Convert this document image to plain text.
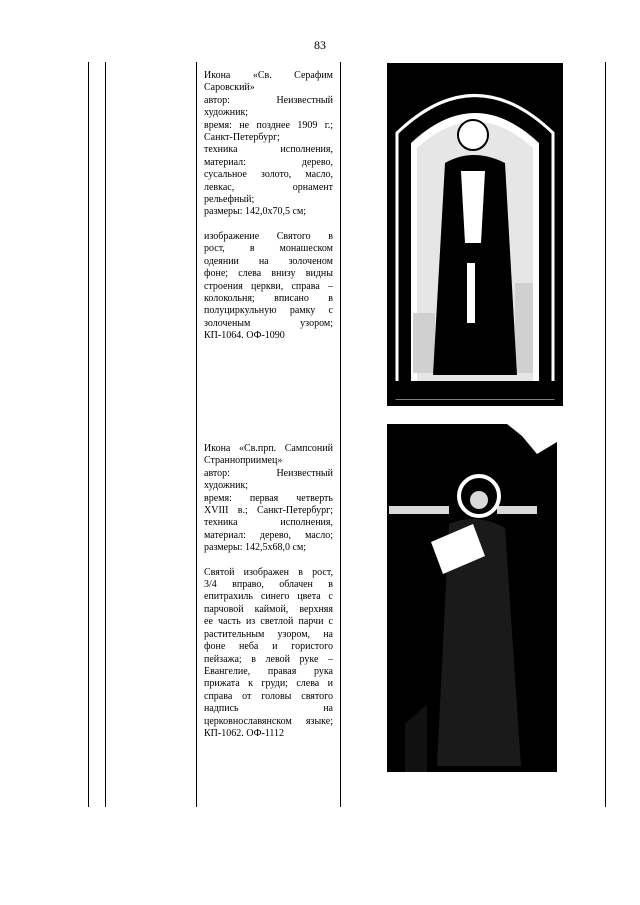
83
Икона «Св. Серафим
Саровский»
автор: Неизвестный
художник;
время: не позднее 1909 г.;
Санкт-Петербург;
техника исполнения,
материал: дерево,
сусальное золото, масло,
левкас, орнамент
рельефный;
размеры: 142,0x70,5 см;
изображение Святого в
рост, в монашеском
одеянии на золоченом
фоне; слева внизу видны
строения церкви, справа –
колокольня; вписано в
полуциркульную рамку с
золоченым узором;
КП-1064. ОФ-1090
Икона «Св.прп. Сампсоний
Странноприимец»
автор: Неизвестный
художник;
время: первая четверть
XVIII в.; Санкт-Петербург;
техника исполнения,
материал: дерево, масло;
размеры: 142,5x68,0 см;
Святой изображен в рост,
3/4 вправо, облачен в
епитрахиль синего цвета с
парчовой каймой, верхняя
ее часть из светлой парчи с
растительным узором, на
фоне неба и гористого
пейзажа; в левой руке –
Евангелие, правая рука
прижата к груди; слева и
справа от головы святого
надпись на
церковнославянском языке;
КП-1062. ОФ-1112
